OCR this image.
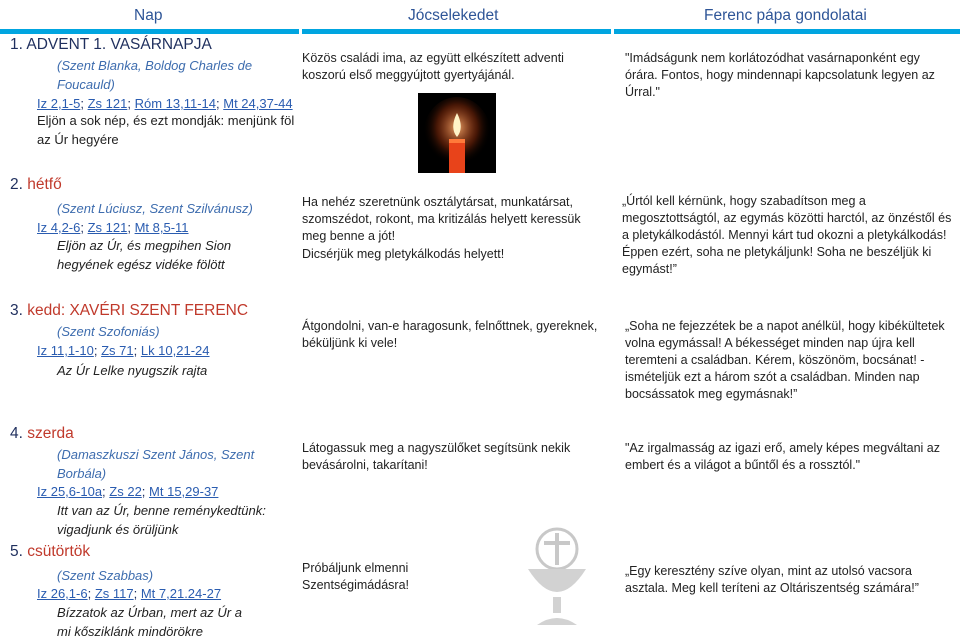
Nap	Jócselekedet	Ferenc pápa gondolatai
1. ADVENT 1. VASÁRNAPJA
(Szent Blanka, Boldog Charles de Foucauld)
Iz 2,1-5; Zs 121; Róm 13,11-14; Mt 24,37-44
Eljön a sok nép, és ezt mondják: menjünk föl az Úr hegyére
Közös családi ima, az együtt elkészített adventi koszorú első meggyújtott gyertyájánál.
"Imádságunk nem korlátozódhat vasárnaponként egy órára. Fontos, hogy mindennapi kapcsolatunk legyen az Úrral."
2. hétfő
(Szent Lúciusz, Szent Szilvánusz)
Iz 4,2-6; Zs 121; Mt 8,5-11
Eljön az Úr, és megpihen Sion hegyének egész vidéke fölött
Ha nehéz szeretnünk osztálytársat, munkatársat, szomszédot, rokont, ma kritizálás helyett keressük meg benne a jót!
Dicsérjük meg pletykálkodás helyett!
„Úrtól kell kérnünk, hogy szabadítson meg a megosztottságtól, az egymás közötti harctól, az önzéstől és a pletykálkodástól. Mennyi kárt tud okozni a pletykálkodás! Éppen ezért, soha ne pletykáljunk! Soha ne beszéljük ki egymást!”
3. kedd: XAVÉRI SZENT FERENC
(Szent Szofoniás)
Iz 11,1-10; Zs 71; Lk 10,21-24
Az Úr Lelke nyugszik rajta
Átgondolni, van-e haragosunk, felnőttnek, gyereknek, béküljünk ki vele!
„Soha ne fejezzétek be a napot anélkül, hogy kibékültetek volna egymással! A békességet minden nap újra kell teremteni a családban. Kérem, köszönöm, bocsánat! - ismételjük ezt a három szót a családban. Minden nap bocsássatok meg egymásnak!”
4. szerda
(Damaszkuszi Szent János, Szent Borbála)
Iz 25,6-10a; Zs 22; Mt 15,29-37
Itt van az Úr, benne reménykedtünk: vigadjunk és örüljünk
Látogassuk meg a nagyszülőket segítsünk nekik bevásárolni, takarítani!
"Az irgalmasság az igazi erő, amely képes megváltani az embert és a világot a bűntől és a rossztól."
5. csütörtök
(Szent Szabbas)
Iz 26,1-6; Zs 117; Mt 7,21.24-27
Bízzatok az Úrban, mert az Úr a mi kősziklánk mindörökre
Próbáljunk elmenni Szentségimádásra!
„Egy keresztény szíve olyan, mint az utolsó vacsora asztala. Meg kell teríteni az Oltáriszentség számára!”
